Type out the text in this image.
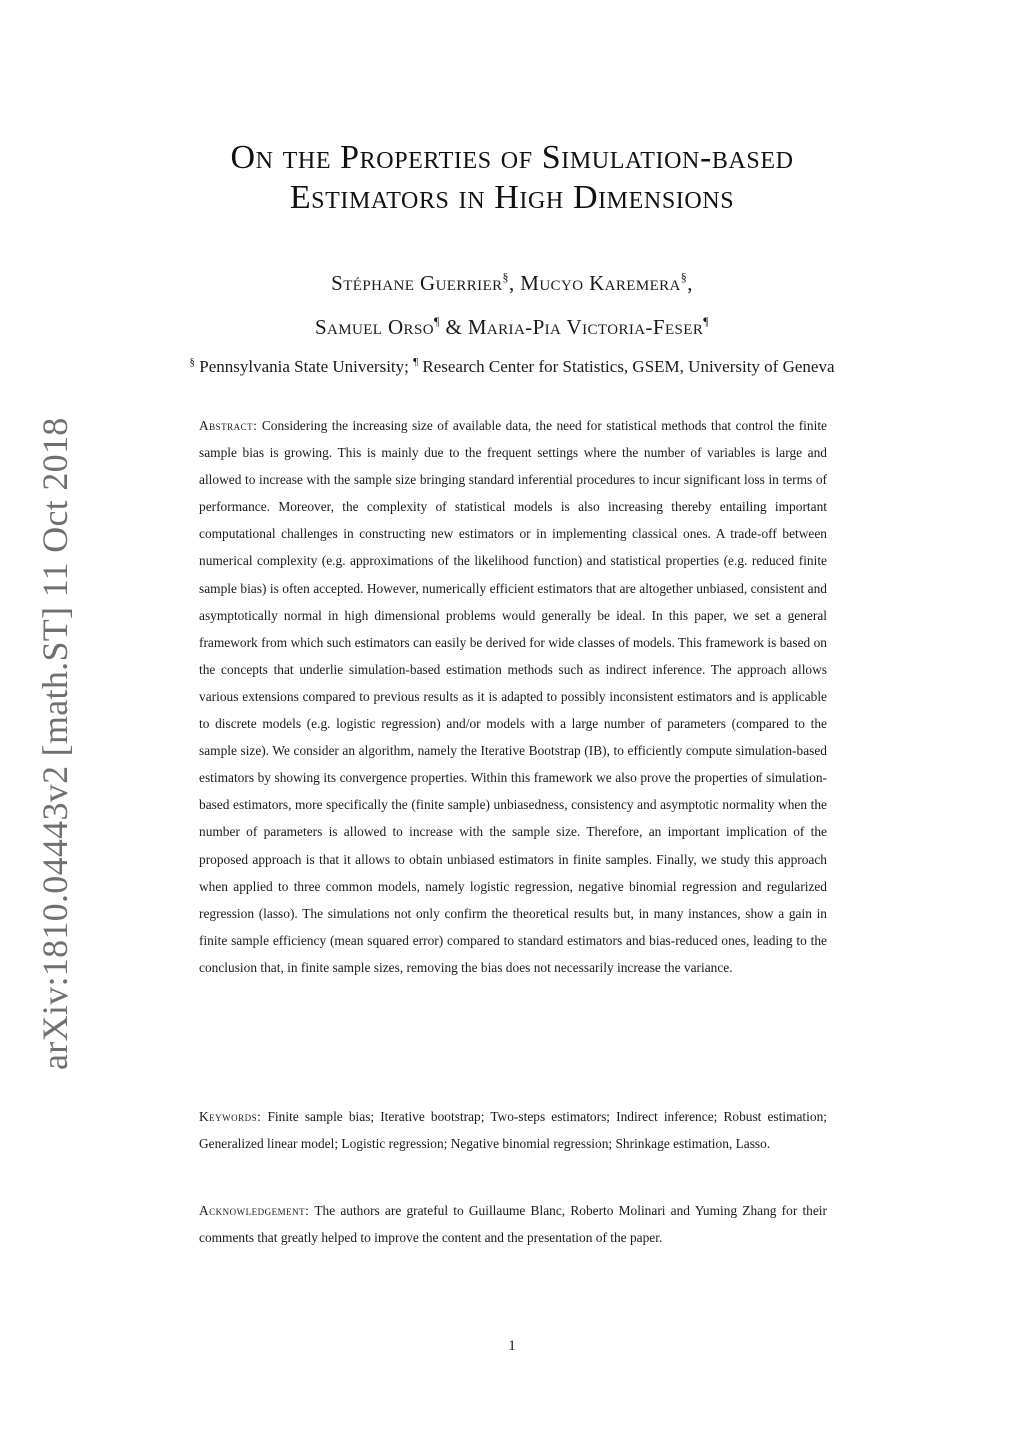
arXiv:1810.04443v2 [math.ST] 11 Oct 2018
On the Properties of Simulation-based
Estimators in High Dimensions
Stéphane Guerrier§, Mucyo Karemera§,
Samuel Orso¶ & Maria-Pia Victoria-Feser¶
§ Pennsylvania State University; ¶ Research Center for Statistics, GSEM, University of Geneva
Abstract: Considering the increasing size of available data, the need for statistical methods that control the finite sample bias is growing. This is mainly due to the frequent settings where the number of variables is large and allowed to increase with the sample size bringing standard inferential procedures to incur significant loss in terms of performance. Moreover, the complexity of statistical models is also increasing thereby entailing important computational challenges in constructing new estimators or in implementing classical ones. A trade-off between numerical complexity (e.g. approximations of the likelihood function) and statistical properties (e.g. reduced finite sample bias) is often accepted. However, numerically efficient estimators that are altogether unbiased, consistent and asymptotically normal in high dimensional problems would generally be ideal. In this paper, we set a general framework from which such estimators can easily be derived for wide classes of models. This framework is based on the concepts that underlie simulation-based estimation methods such as indirect inference. The approach allows various extensions compared to previous results as it is adapted to possibly inconsistent estimators and is applicable to discrete models (e.g. logistic regression) and/or models with a large number of parameters (compared to the sample size). We consider an algorithm, namely the Iterative Bootstrap (IB), to efficiently compute simulation-based estimators by showing its convergence properties. Within this framework we also prove the properties of simulation-based estimators, more specifically the (finite sample) unbiasedness, consistency and asymptotic normality when the number of parameters is allowed to increase with the sample size. Therefore, an important implication of the proposed approach is that it allows to obtain unbiased estimators in finite samples. Finally, we study this approach when applied to three common models, namely logistic regression, negative binomial regression and regularized regression (lasso). The simulations not only confirm the theoretical results but, in many instances, show a gain in finite sample efficiency (mean squared error) compared to standard estimators and bias-reduced ones, leading to the conclusion that, in finite sample sizes, removing the bias does not necessarily increase the variance.
Keywords: Finite sample bias; Iterative bootstrap; Two-steps estimators; Indirect inference; Robust estimation; Generalized linear model; Logistic regression; Negative binomial regression; Shrinkage estimation, Lasso.
Acknowledgement: The authors are grateful to Guillaume Blanc, Roberto Molinari and Yuming Zhang for their comments that greatly helped to improve the content and the presentation of the paper.
1
